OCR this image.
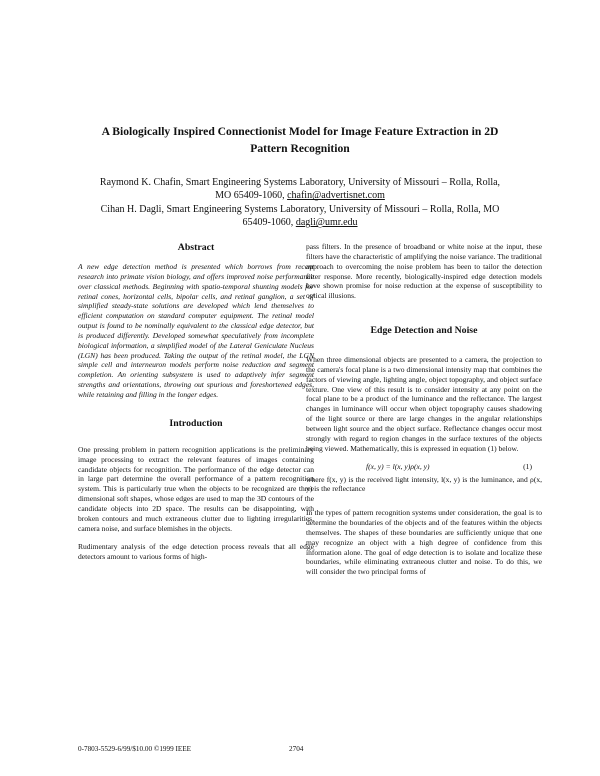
A Biologically Inspired Connectionist Model for Image Feature Extraction in 2D
Pattern Recognition

Raymond K. Chafin, Smart Engineering Systems Laboratory, University of Missouri – Rolla, Rolla,

MO 65409-1060, chafin@advertisnet.com

Cihan H. Dagli, Smart Engineering Systems Laboratory, University of Missouri – Rolla, Rolla, MO

65409-1060, dagli@umr.edu

Abstract

A new edge detection method is presented which borrows from recent research into primate vision biology, and offers improved noise performance over classical methods. Beginning with spatio-temporal shunting models for retinal cones, horizontal cells, bipolar cells, and retinal ganglion, a set of simplified steady-state solutions are developed which lend themselves to efficient computation on standard computer equipment. The retinal model output is found to be nominally equivalent to the classical edge detector, but is produced differently. Developed somewhat speculatively from incomplete biological information, a simplified model of the Lateral Geniculate Nucleus (LGN) has been produced. Taking the output of the retinal model, the LGN simple cell and interneuron models perform noise reduction and segment completion. An orienting subsystem is used to adaptively infer segment strengths and orientations, throwing out spurious and foreshortened edges, while retaining and filling in the longer edges.

Introduction

One pressing problem in pattern recognition applications is the preliminary image processing to extract the relevant features of images containing candidate objects for recognition. The performance of the edge detector can in large part determine the overall performance of a pattern recognition system. This is particularly true when the objects to be recognized are three dimensional soft shapes, whose edges are used to map the 3D contours of the candidate objects into 2D space. The results can be disappointing, with broken contours and much extraneous clutter due to lighting irregularities, camera noise, and surface blemishes in the objects.

Rudimentary analysis of the edge detection process reveals that all edge detectors amount to various forms of high-

pass filters. In the presence of broadband or white noise at the input, these filters have the characteristic of amplifying the noise variance. The traditional approach to overcoming the noise problem has been to tailor the detection filter response. More recently, biologically-inspired edge detection models have shown promise for noise reduction at the expense of susceptibility to optical illusions.

Edge Detection and Noise

When three dimensional objects are presented to a camera, the projection to the camera's focal plane is a two dimensional intensity map that combines the factors of viewing angle, lighting angle, object topography, and object surface texture. One view of this result is to consider intensity at any point on the focal plane to be a product of the luminance and the reflectance. The largest changes in luminance will occur when object topography causes shadowing of the light source or there are large changes in the angular relationships between light source and the object surface. Reflectance changes occur most strongly with regard to region changes in the surface textures of the objects being viewed. Mathematically, this is expressed in equation (1) below.

f(x, y) = l(x, y)ρ(x, y)	(1)

where f(x, y) is the received light intensity, l(x, y) is the luminance, and ρ(x, y) is the reflectance

In the types of pattern recognition systems under consideration, the goal is to determine the boundaries of the objects and of the features within the objects themselves. The shapes of these boundaries are sufficiently unique that one may recognize an object with a high degree of confidence from this information alone. The goal of edge detection is to isolate and localize these boundaries, while eliminating extraneous clutter and noise. To do this, we will consider the two principal forms of

0-7803-5529-6/99/$10.00 ©1999 IEEE	2704
